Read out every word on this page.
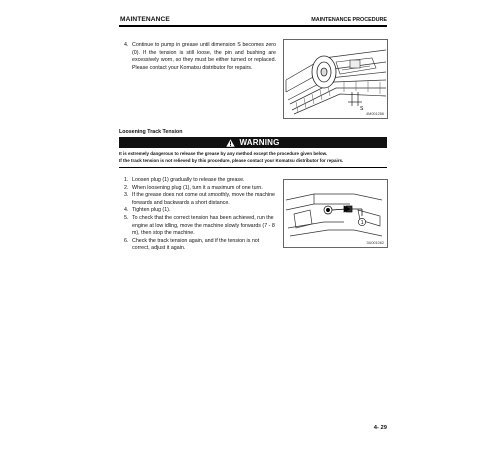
MAINTENANCE	MAINTENANCE PROCEDURE
4. Continue to pump in grease until dimension S becomes zero (0). If the tension is still loose, the pin and bushing are excessively worn, so they must be either turned or replaced. Please contact your Komatsu distributor for repairs.
S
4M001256
Loosening Track Tension
WARNING
It is extremely dangerous to release the grease by any method except the procedure given below.
If the track tension is not relieved by this procedure, please contact your Komatsu distributor for repairs.
1. Loosen plug (1) gradually to release the grease.
2. When loosening plug (1), turn it a maximum of one turn.
3. If the grease does not come out smoothly, move the machine forwards and backwards a short distance.
4. Tighten plug (1).
5. To check that the correct tension has been achieved, run the engine at low idling, move the machine slowly forwards (7 - 8 m), then stop the machine.
6. Check the track tension again, and if the tension is not correct, adjust it again.
1
3U001062
4- 29
